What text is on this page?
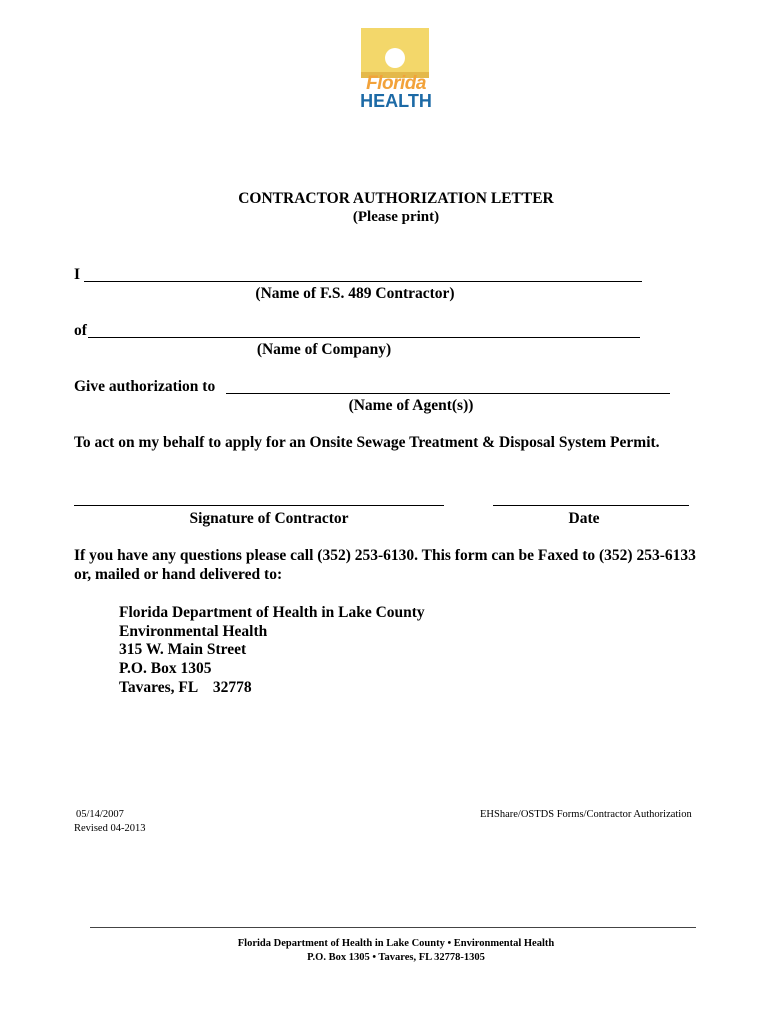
Florida
HEALTH
CONTRACTOR AUTHORIZATION LETTER
(Please print)
I
(Name of F.S. 489 Contractor)
of
(Name of Company)
Give authorization to
(Name of Agent(s))
To act on my behalf to apply for an Onsite Sewage Treatment & Disposal System Permit.
Signature of Contractor	Date
If you have any questions please call (352) 253-6130. This form can be Faxed to (352) 253-6133
or, mailed or hand delivered to:
Florida Department of Health in Lake County
Environmental Health
315 W. Main Street
P.O. Box 1305
Tavares, FL    32778
05/14/2007
Revised 04-2013
EHShare/OSTDS Forms/Contractor Authorization
Florida Department of Health in Lake County • Environmental Health
P.O. Box 1305 • Tavares, FL 32778-1305
